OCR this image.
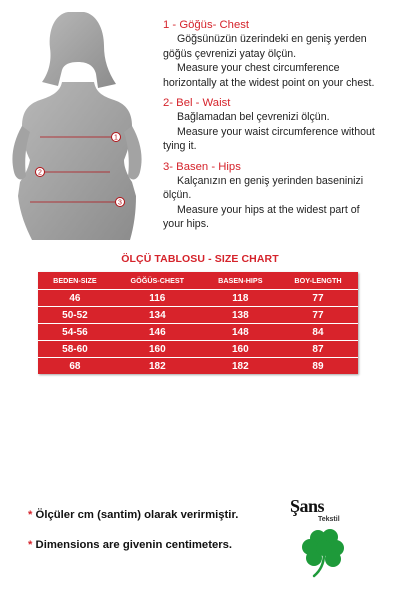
1
2
3

1 - Göğüs- Chest

Göğsünüzün üzerindeki en geniş yerden

göğüs çevrenizi yatay ölçün.

Measure your chest circumference

horizontally at the widest point on your chest.

2- Bel - Waist

Bağlamadan bel çevrenizi ölçün.

Measure your waist circumference without

tying it.

3- Basen - Hips

Kalçanızın en geniş yerinden baseninizi

ölçün.

Measure your hips at the widest part of

your hips.

ÖLÇÜ TABLOSU - SIZE CHART
BEDEN-SIZE	GÖĞÜS-CHEST	BASEN-HIPS	BOY-LENGTH
46	116	118	77
50-52	134	138	77
54-56	146	148	84
58-60	160	160	87
68	182	182	89

* Ölçüler cm (santim) olarak verirmiştir.

* Dimensions are givenin centimeters.

Şans
Tekstil
